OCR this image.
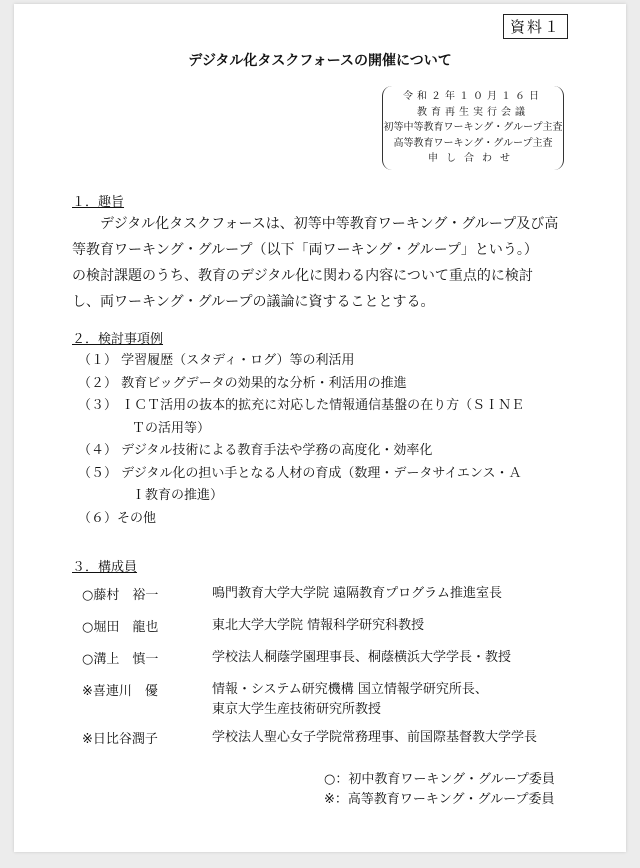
資料１
デジタル化タスクフォースの開催について
令和２年１０月１６日
教育再生実行会議
初等中等教育ワーキング・グループ主査
高等教育ワーキング・グループ主査
申し合わせ
１．趣旨
デジタル化タスクフォースは、初等中等教育ワーキング・グループ及び高
等教育ワーキング・グループ（以下「両ワーキング・グループ」という。）
の検討課題のうち、教育のデジタル化に関わる内容について重点的に検討
し、両ワーキング・グループの議論に資することとする。
２．検討事項例
（１） 学習履歴（スタディ・ログ）等の利活用
（２） 教育ビッグデータの効果的な分析・利活用の推進
（３） ＩＣＴ活用の抜本的拡充に対応した情報通信基盤の在り方（ＳＩＮＥ
Ｔの活用等）
（４） デジタル技術による教育手法や学務の高度化・効率化
（５） デジタル化の担い手となる人材の育成（数理・データサイエンス・Ａ
Ｉ教育の推進）
（６）その他
３．構成員
○藤村　裕一	鳴門教育大学大学院 遠隔教育プログラム推進室長
○堀田　龍也	東北大学大学院 情報科学研究科教授
○溝上　慎一	学校法人桐蔭学園理事長、桐蔭横浜大学学長・教授
※喜連川　優	情報・システム研究機構 国立情報学研究所長、
東京大学生産技術研究所教授
※日比谷潤子	学校法人聖心女子学院常務理事、前国際基督教大学学長
○：初中教育ワーキング・グループ委員
※：高等教育ワーキング・グループ委員
